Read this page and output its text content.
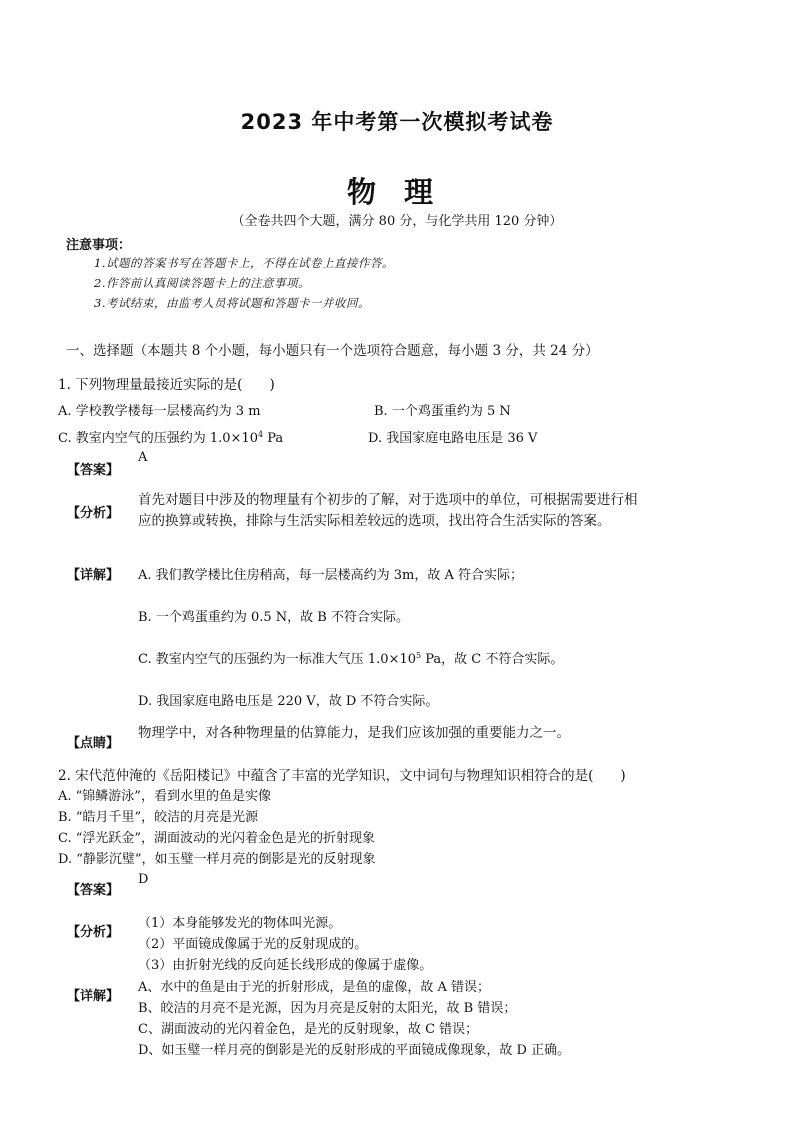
2023 年中考第一次模拟考试卷
物理
（全卷共四个大题，满分 80 分，与化学共用 120 分钟）
注意事项：
1.试题的答案书写在答题卡上，不得在试卷上直接作答。
2.作答前认真阅读答题卡上的注意事项。
3.考试结束，由监考人员将试题和答题卡一并收回。
一、选择题（本题共 8 个小题，每小题只有一个选项符合题意，每小题 3 分，共 24 分）
1. 下列物理量最接近实际的是(　　)
A. 学校教学楼每一层楼高约为 3 m	B. 一个鸡蛋重约为 5 N
C. 教室内空气的压强约为 $1.0\times 10^4$ Pa	D. 我国家庭电路电压是 36 V
【答案】
A
【分析】
首先对题目中涉及的物理量有个初步的了解，对于选项中的单位，可根据需要进行相应的换算或转换，排除与生活实际相差较远的选项，找出符合生活实际的答案。
【详解】 A. 我们教学楼比住房稍高，每一层楼高约为 3m，故 A 符合实际；
B. 一个鸡蛋重约为 0.5 N，故 B 不符合实际。
C. 教室内空气的压强约为一标准大气压 $1.0\times 10^5$ Pa，故 C 不符合实际。
D. 我国家庭电路电压是 220 V，故 D 不符合实际。
物理学中，对各种物理量的估算能力，是我们应该加强的重要能力之一。
【点睛】
2. 宋代范仲淹的《岳阳楼记》中蕴含了丰富的光学知识，文中词句与物理知识相符合的是(　　)
A. “锦鳞游泳”，看到水里的鱼是实像
B. “皓月千里”，皎洁的月亮是光源
C. “浮光跃金”，湖面波动的光闪着金色是光的折射现象
D. “静影沉璧”，如玉璧一样月亮的倒影是光的反射现象
【答案】
D
【分析】
（1）本身能够发光的物体叫光源。
（2）平面镜成像属于光的反射现成的。
（3）由折射光线的反向延长线形成的像属于虚像。
【详解】
A、水中的鱼是由于光的折射形成，是鱼的虚像，故 A 错误；
B、皎洁的月亮不是光源，因为月亮是反射的太阳光，故 B 错误；
C、湖面波动的光闪着金色，是光的反射现象，故 C 错误；
D、如玉璧一样月亮的倒影是光的反射形成的平面镜成像现象，故 D 正确。
